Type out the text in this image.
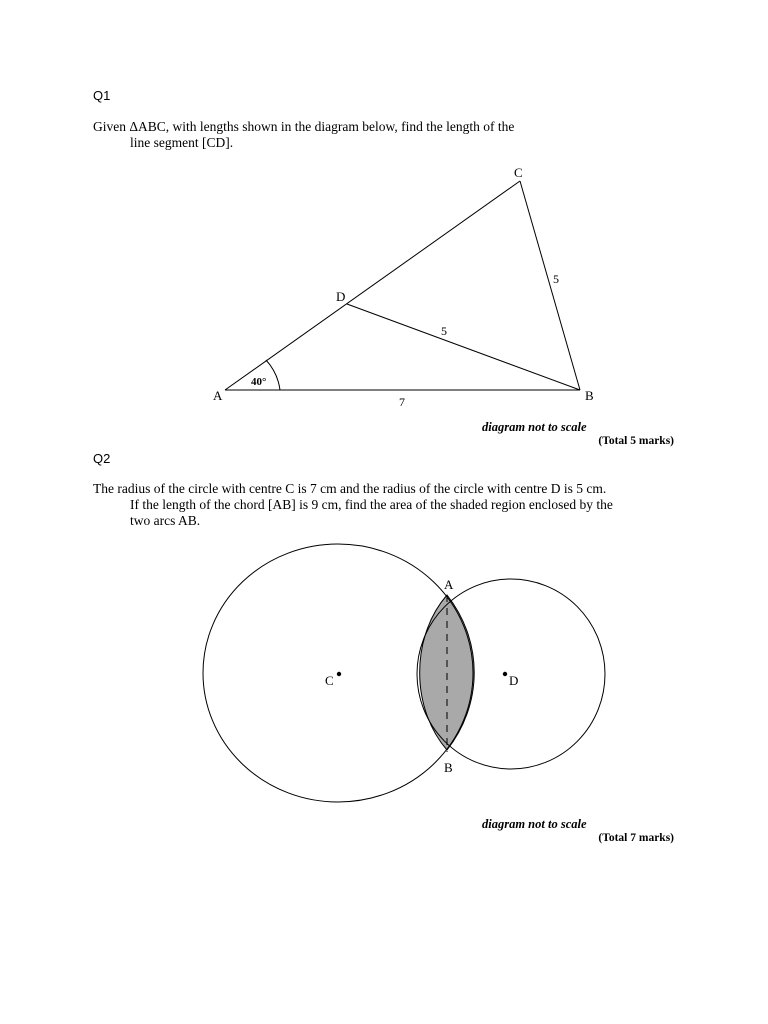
Q1
Given ΔABC, with lengths shown in the diagram below, find the length of the
line segment [CD].
C
D
A	B
40°
7
5
5
diagram not to scale
(Total 5 marks)
Q2
The radius of the circle with centre C is 7 cm and the radius of the circle with centre D is 5 cm.
If the length of the chord [AB] is 9 cm, find the area of the shaded region enclosed by the
two arcs AB.
C	D
A
B
diagram not to scale
(Total 7 marks)
